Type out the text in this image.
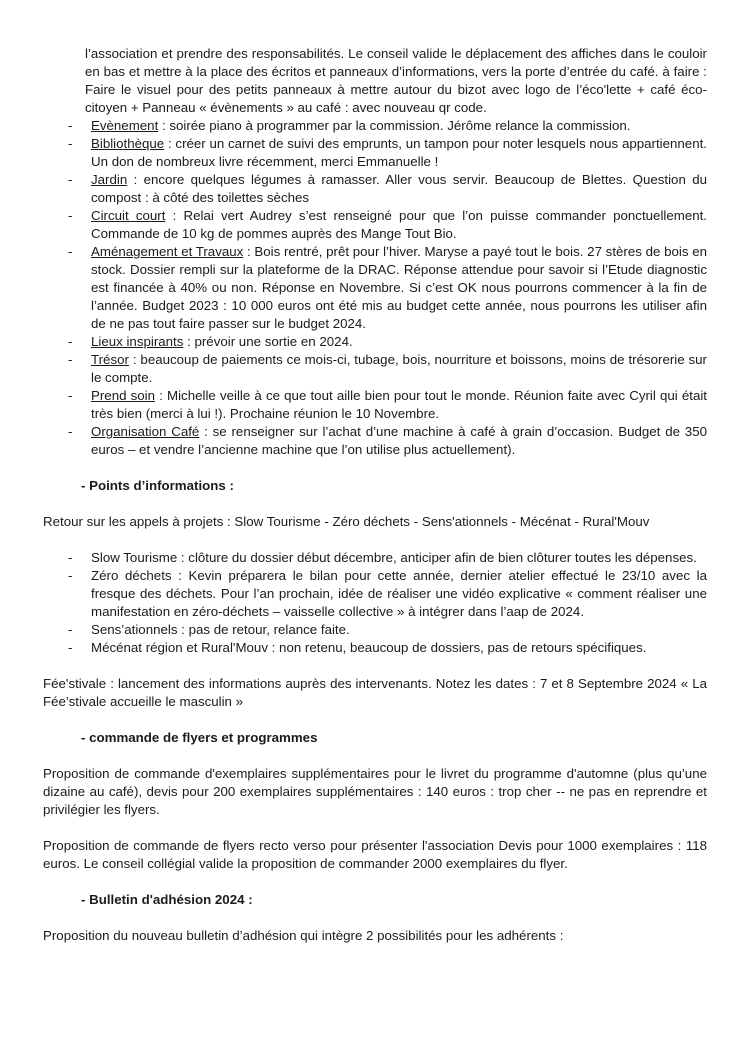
l’association et prendre des responsabilités. Le conseil valide le déplacement des affiches dans le couloir en bas et mettre à la place des écritos et panneaux d’informations, vers la porte d’entrée du café. à faire : Faire le visuel pour des petits panneaux à mettre autour du bizot avec logo de l’éco'lette + café éco-citoyen + Panneau « évènements » au café : avec nouveau qr code.

- Evènement : soirée piano à programmer par la commission. Jérôme relance la commission.
- Bibliothèque : créer un carnet de suivi des emprunts, un tampon pour noter lesquels nous appartiennent. Un don de nombreux livre récemment, merci Emmanuelle !
- Jardin : encore quelques légumes à ramasser. Aller vous servir. Beaucoup de Blettes. Question du compost : à côté des toilettes sèches
- Circuit court : Relai vert Audrey s’est renseigné pour que l’on puisse commander ponctuellement. Commande de 10 kg de pommes auprès des Mange Tout Bio.
- Aménagement et Travaux : Bois rentré, prêt pour l’hiver. Maryse a payé tout le bois. 27 stères de bois en stock. Dossier rempli sur la plateforme de la DRAC. Réponse attendue pour savoir si l’Etude diagnostic est financée à 40% ou non. Réponse en Novembre. Si c’est OK nous pourrons commencer à la fin de l’année. Budget 2023 : 10 000 euros ont été mis au budget cette année, nous pourrons les utiliser afin de ne pas tout faire passer sur le budget 2024.
- Lieux inspirants : prévoir une sortie en 2024.
- Trésor : beaucoup de paiements ce mois-ci, tubage, bois, nourriture et boissons, moins de trésorerie sur le compte.
- Prend soin : Michelle veille à ce que tout aille bien pour tout le monde. Réunion faite avec Cyril qui était très bien (merci à lui !). Prochaine réunion le 10 Novembre.
- Organisation Café : se renseigner sur l’achat d’une machine à café à grain d’occasion. Budget de 350 euros – et vendre l’ancienne machine que l’on utilise plus actuellement).

- Points d’informations :

Retour sur les appels à projets : Slow Tourisme - Zéro déchets - Sens'ationnels - Mécénat - Rural'Mouv

- Slow Tourisme : clôture du dossier début décembre, anticiper afin de bien clôturer toutes les dépenses.
- Zéro déchets : Kevin préparera le bilan pour cette année, dernier atelier effectué le 23/10 avec la fresque des déchets. Pour l’an prochain, idée de réaliser une vidéo explicative « comment réaliser une manifestation en zéro-déchets – vaisselle collective » à intégrer dans l’aap de 2024.
- Sens’ationnels : pas de retour, relance faite.
- Mécénat région et Rural'Mouv : non retenu, beaucoup de dossiers, pas de retours spécifiques.

Fée'stivale : lancement des informations auprès des intervenants. Notez les dates : 7 et 8 Septembre 2024 « La Fée’stivale accueille le masculin »

- commande de flyers et programmes

Proposition de commande d'exemplaires supplémentaires pour le livret du programme d'automne (plus qu’une dizaine au café), devis pour 200 exemplaires supplémentaires : 140 euros : trop cher -- ne pas en reprendre et privilégier les flyers.

Proposition de commande de flyers recto verso pour présenter l'association Devis pour 1000 exemplaires : 118 euros. Le conseil collégial valide la proposition de commander 2000 exemplaires du flyer.

- Bulletin d'adhésion 2024 :

Proposition du nouveau bulletin d’adhésion qui intègre 2 possibilités pour les adhérents :
